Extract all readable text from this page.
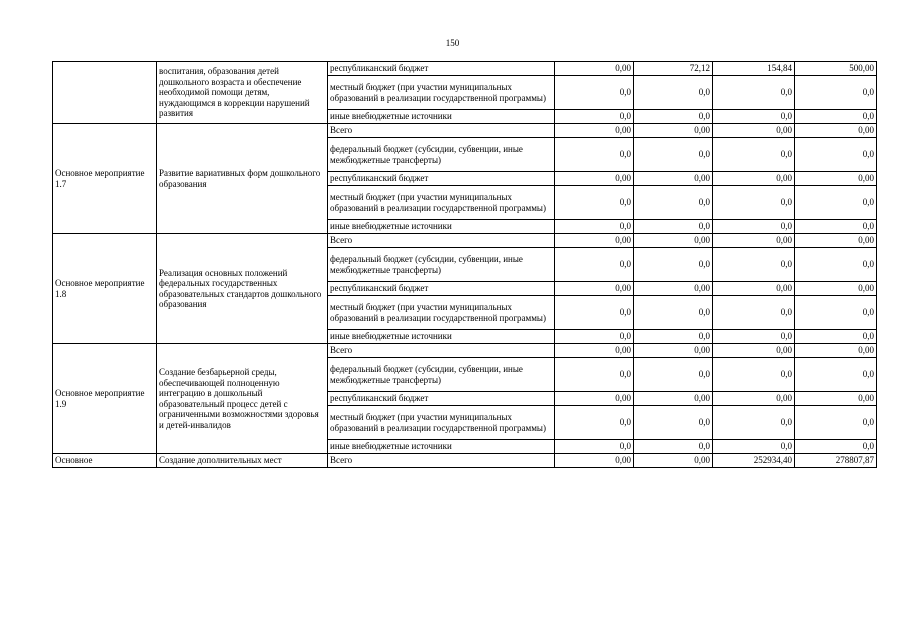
150
	воспитания, образования детей дошкольного возраста и обеспечение необходимой помощи детям, нуждающимся в коррекции нарушений развития	республиканский бюджет	0,00	72,12	154,84	500,00
		местный бюджет (при участии муниципальных образований в реализации государственной программы)	0,0	0,0	0,0	0,0
		иные внебюджетные источники	0,0	0,0	0,0	0,0
Основное мероприятие 1.7	Развитие вариативных форм дошкольного образования	Всего	0,00	0,00	0,00	0,00
		федеральный бюджет (субсидии, субвенции, иные межбюджетные трансферты)	0,0	0,0	0,0	0,0
		республиканский бюджет	0,00	0,00	0,00	0,00
		местный бюджет (при участии муниципальных образований в реализации государственной программы)	0,0	0,0	0,0	0,0
		иные внебюджетные источники	0,0	0,0	0,0	0,0
Основное мероприятие 1.8	Реализация основных положений федеральных государственных образовательных стандартов дошкольного образования	Всего	0,00	0,00	0,00	0,00
		федеральный бюджет (субсидии, субвенции, иные межбюджетные трансферты)	0,0	0,0	0,0	0,0
		республиканский бюджет	0,00	0,00	0,00	0,00
		местный бюджет (при участии муниципальных образований в реализации государственной программы)	0,0	0,0	0,0	0,0
		иные внебюджетные источники	0,0	0,0	0,0	0,0
Основное мероприятие 1.9	Создание безбарьерной среды, обеспечивающей полноценную интеграцию в дошкольный образовательный процесс детей с ограниченными возможностями здоровья и детей-инвалидов	Всего	0,00	0,00	0,00	0,00
		федеральный бюджет (субсидии, субвенции, иные межбюджетные трансферты)	0,0	0,0	0,0	0,0
		республиканский бюджет	0,00	0,00	0,00	0,00
		местный бюджет (при участии муниципальных образований в реализации государственной программы)	0,0	0,0	0,0	0,0
		иные внебюджетные источники	0,0	0,0	0,0	0,0
Основное	Создание дополнительных мест	Всего	0,00	0,00	252934,40	278807,87
